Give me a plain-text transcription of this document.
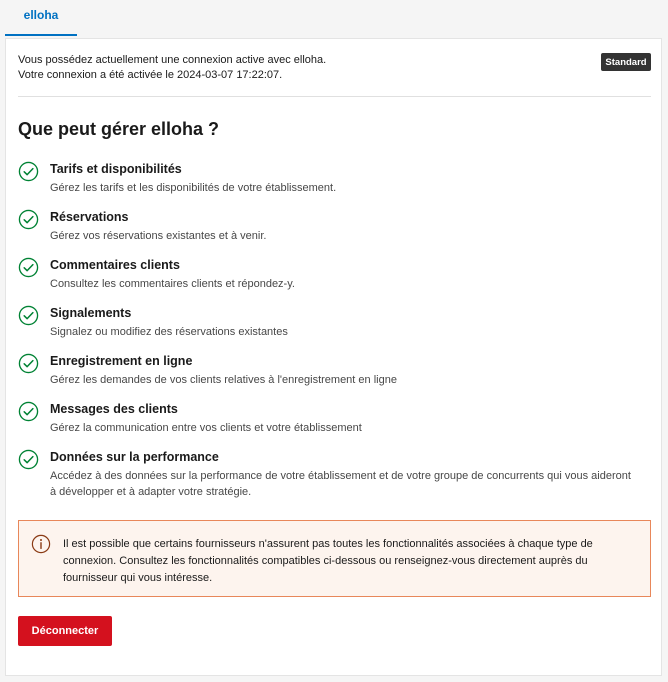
elloha
Vous possédez actuellement une connexion active avec elloha.
Votre connexion a été activée le 2024-03-07 17:22:07.
Standard
Que peut gérer elloha ?
Tarifs et disponibilités
Gérez les tarifs et les disponibilités de votre établissement.
Réservations
Gérez vos réservations existantes et à venir.
Commentaires clients
Consultez les commentaires clients et répondez-y.
Signalements
Signalez ou modifiez des réservations existantes
Enregistrement en ligne
Gérez les demandes de vos clients relatives à l'enregistrement en ligne
Messages des clients
Gérez la communication entre vos clients et votre établissement
Données sur la performance
Accédez à des données sur la performance de votre établissement et de votre groupe de concurrents qui vous aideront à développer et à adapter votre stratégie.
Il est possible que certains fournisseurs n'assurent pas toutes les fonctionnalités associées à chaque type de connexion. Consultez les fonctionnalités compatibles ci-dessous ou renseignez-vous directement auprès du fournisseur qui vous intéresse.
Déconnecter
